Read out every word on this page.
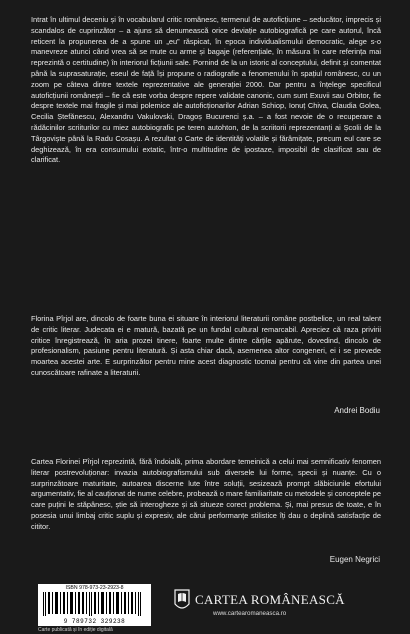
Intrat în ultimul deceniu și în vocabularul critic românesc, termenul de autoficțiune – seducător, imprecis și scandalos de cuprinzător – a ajuns să denumească orice deviație autobiografică pe care autorul, încă reticent la propunerea de a spune un „eu” răspicat, în epoca individualismului democratic, alege s-o manevreze atunci când vrea să se mute cu arme și bagaje (referențiale, în măsura în care referința mai reprezintă o certitudine) în interiorul ficțiunii sale. Pornind de la un istoric al conceptului, definit și comentat până la suprasaturație, eseul de față își propune o radiografie a fenomenului în spațiul românesc, cu un zoom pe câteva dintre textele reprezentative ale generației 2000. Dar pentru a înțelege specificul autoficțiunii românești – fie că este vorba despre repere validate canonic, cum sunt Exuvii sau Orbitor, fie despre textele mai fragile și mai polemice ale autoficționarilor Adrian Schiop, Ionuț Chiva, Claudia Golea, Cecilia Ștefănescu, Alexandru Vakulovski, Dragoș Bucurenci ș.a. – a fost nevoie de o recuperare a rădăcinilor scriiturilor cu miez autobiografic pe teren autohton, de la scriitorii reprezentanți ai Școlii de la Târgoviște până la Radu Cosașu. A rezultat o Carte de identități volatile și fărâmițate, precum eul care se deghizează, în era consumului extatic, într-o multitudine de ipostaze, imposibil de clasificat sau de clarificat.
Florina Pîrjol are, dincolo de foarte buna ei situare în interiorul literaturii române postbelice, un real talent de critic literar. Judecata ei e matură, bazată pe un fundal cultural remarcabil. Apreciez că raza privirii critice înregistrează, în aria prozei tinere, foarte multe dintre cărțile apărute, dovedind, dincolo de profesionalism, pasiune pentru literatură. Și asta chiar dacă, asemenea altor congeneri, ei i se prevede moartea acestei arte. E surprinzător pentru mine acest diagnostic tocmai pentru că vine din partea unei cunoscătoare rafinate a literaturii.
Andrei Bodiu
Cartea Florinei Pîrjol reprezintă, fără îndoială, prima abordare temeinică a celui mai semnificativ fenomen literar postrevoluționar: invazia autobiografismului sub diversele lui forme, specii și nuanțe. Cu o surprinzătoare maturitate, autoarea discerne lute între soluții, sesizează prompt slăbiciunile efortului argumentativ, fie al cauționat de nume celebre, probează o mare familiaritate cu metodele și conceptele pe care puțini le stăpânesc, știe să interogheze și să situeze corect problema. Și, mai presus de toate, e în posesia unui limbaj critic suplu și expresiv, ale cărui performanțe stilistice îți dau o deplină satisfacție de cititor.
Eugen Negrici
ISBN 978-973-23-2923-8
9 789732 329238
Carte publicată și în ediție digitală
CARTEA ROMÂNEASCĂ
www.cartearomaneasca.ro
